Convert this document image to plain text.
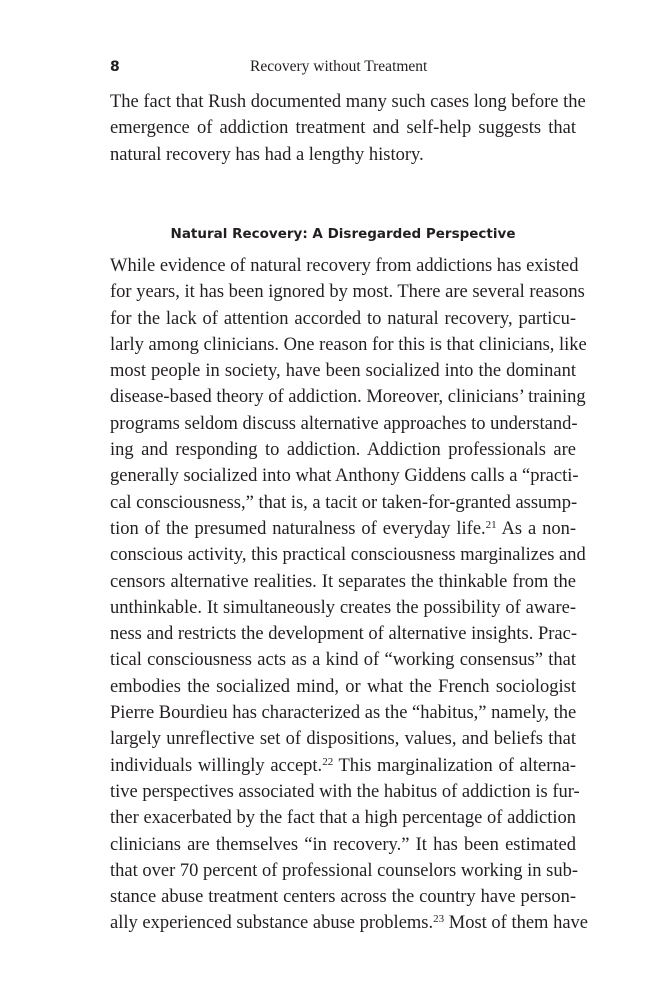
8	Recovery without Treatment
The fact that Rush documented many such cases long before the
emergence of addiction treatment and self-help suggests that
natural recovery has had a lengthy history.
Natural Recovery: A Disregarded Perspective
While evidence of natural recovery from addictions has existed
for years, it has been ignored by most. There are several reasons
for the lack of attention accorded to natural recovery, particu-
larly among clinicians. One reason for this is that clinicians, like
most people in society, have been socialized into the dominant
disease-based theory of addiction. Moreover, clinicians’ training
programs seldom discuss alternative approaches to understand-
ing and responding to addiction. Addiction professionals are
generally socialized into what Anthony Giddens calls a “practi-
cal consciousness,” that is, a tacit or taken-for-granted assump-
tion of the presumed naturalness of everyday life.$^{21}$ As a non-
conscious activity, this practical consciousness marginalizes and
censors alternative realities. It separates the thinkable from the
unthinkable. It simultaneously creates the possibility of aware-
ness and restricts the development of alternative insights. Prac-
tical consciousness acts as a kind of “working consensus” that
embodies the socialized mind, or what the French sociologist
Pierre Bourdieu has characterized as the “habitus,” namely, the
largely unreflective set of dispositions, values, and beliefs that
individuals willingly accept.$^{22}$ This marginalization of alterna-
tive perspectives associated with the habitus of addiction is fur-
ther exacerbated by the fact that a high percentage of addiction
clinicians are themselves “in recovery.” It has been estimated
that over 70 percent of professional counselors working in sub-
stance abuse treatment centers across the country have person-
ally experienced substance abuse problems.$^{23}$ Most of them have
